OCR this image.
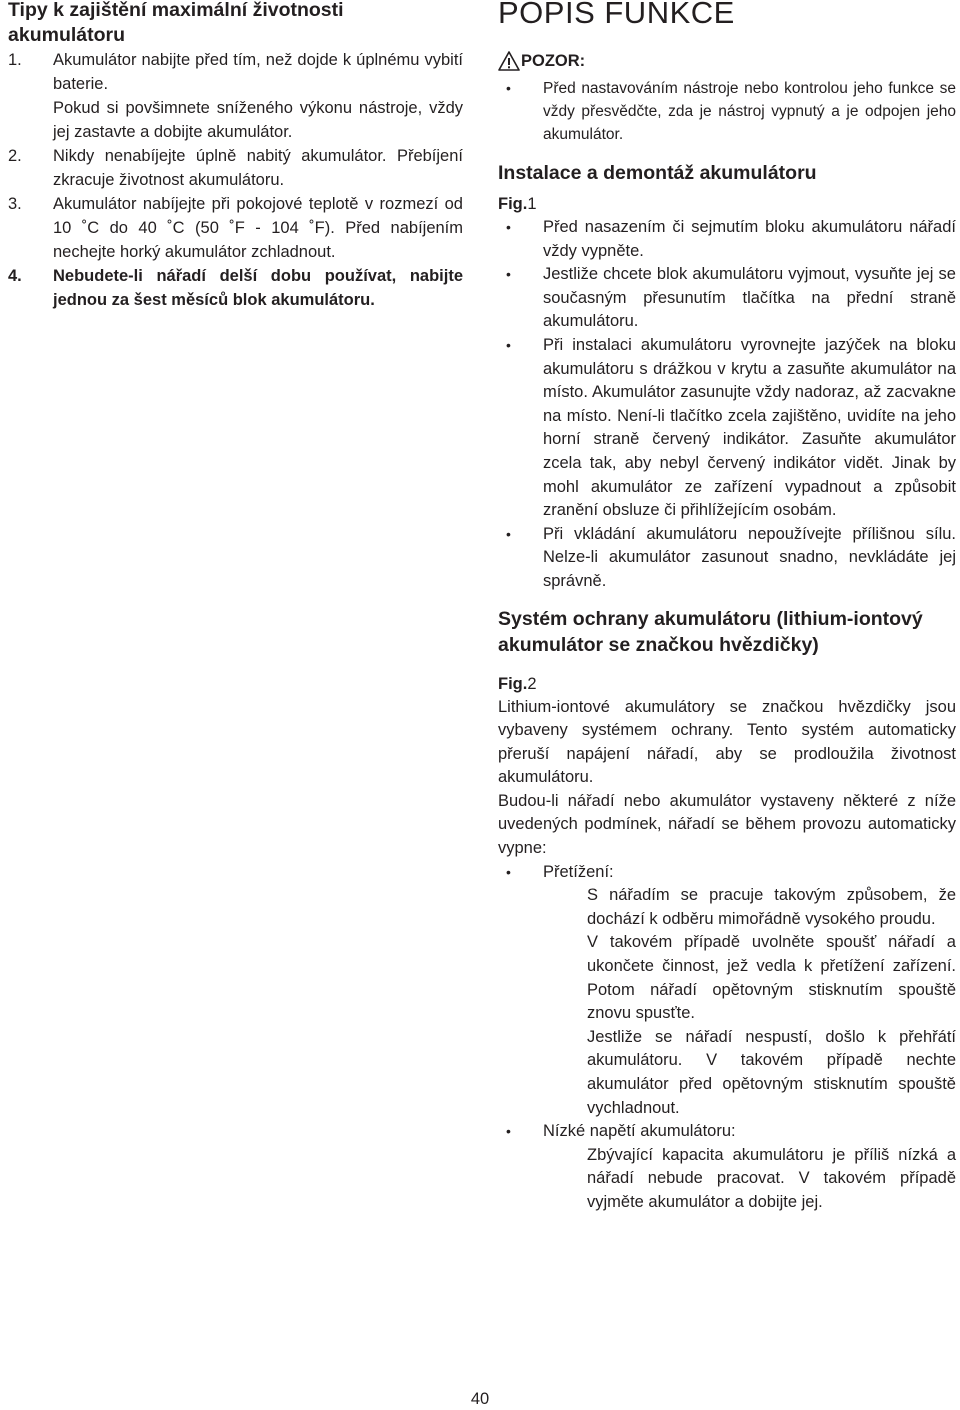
Tipy k zajištění maximální životnosti akumulátoru

1. Akumulátor nabijte před tím, než dojde k úplnému vybití baterie.
Pokud si povšimnete sníženého výkonu nástroje, vždy jej zastavte a dobijte akumulátor.
2. Nikdy nenabíjejte úplně nabitý akumulátor. Přebíjení zkracuje životnost akumulátoru.
3. Akumulátor nabíjejte při pokojové teplotě v rozmezí od 10 ˚C do 40 ˚C (50 ˚F - 104 ˚F). Před nabíjením nechejte horký akumulátor zchladnout.
4. Nebudete-li nářadí delší dobu používat, nabijte jednou za šest měsíců blok akumulátoru.
POPIS FUNKCE
POZOR:
• Před nastavováním nástroje nebo kontrolou jeho funkce se vždy přesvědčte, zda je nástroj vypnutý a je odpojen jeho akumulátor.

Instalace a demontáž akumulátoru

Fig.1

• Před nasazením či sejmutím bloku akumulátoru nářadí vždy vypněte.
• Jestliže chcete blok akumulátoru vyjmout, vysuňte jej se současným přesunutím tlačítka na přední straně akumulátoru.
• Při instalaci akumulátoru vyrovnejte jazýček na bloku akumulátoru s drážkou v krytu a zasuňte akumulátor na místo. Akumulátor zasunujte vždy nadoraz, až zacvakne na místo. Není-li tlačítko zcela zajištěno, uvidíte na jeho horní straně červený indikátor. Zasuňte akumulátor zcela tak, aby nebyl červený indikátor vidět. Jinak by mohl akumulátor ze zařízení vypadnout a způsobit zranění obsluze či přihlížejícím osobám.
• Při vkládání akumulátoru nepoužívejte přílišnou sílu. Nelze-li akumulátor zasunout snadno, nevkládáte jej správně.

Systém ochrany akumulátoru (lithium-iontový akumulátor se značkou hvězdičky)

Fig.2

Lithium-iontové akumulátory se značkou hvězdičky jsou vybaveny systémem ochrany. Tento systém automaticky přeruší napájení nářadí, aby se prodloužila životnost akumulátoru.

Budou-li nářadí nebo akumulátor vystaveny některé z níže uvedených podmínek, nářadí se během provozu automaticky vypne:

• Přetížení:

S nářadím se pracuje takovým způsobem, že dochází k odběru mimořádně vysokého proudu.

V takovém případě uvolněte spoušť nářadí a ukončete činnost, jež vedla k přetížení zařízení. Potom nářadí opětovným stisknutím spouště znovu spusťte.

Jestliže se nářadí nespustí, došlo k přehřátí akumulátoru. V takovém případě nechte akumulátor před opětovným stisknutím spouště vychladnout.

• Nízké napětí akumulátoru:

Zbývající kapacita akumulátoru je příliš nízká a nářadí nebude pracovat. V takovém případě vyjměte akumulátor a dobijte jej.

40
